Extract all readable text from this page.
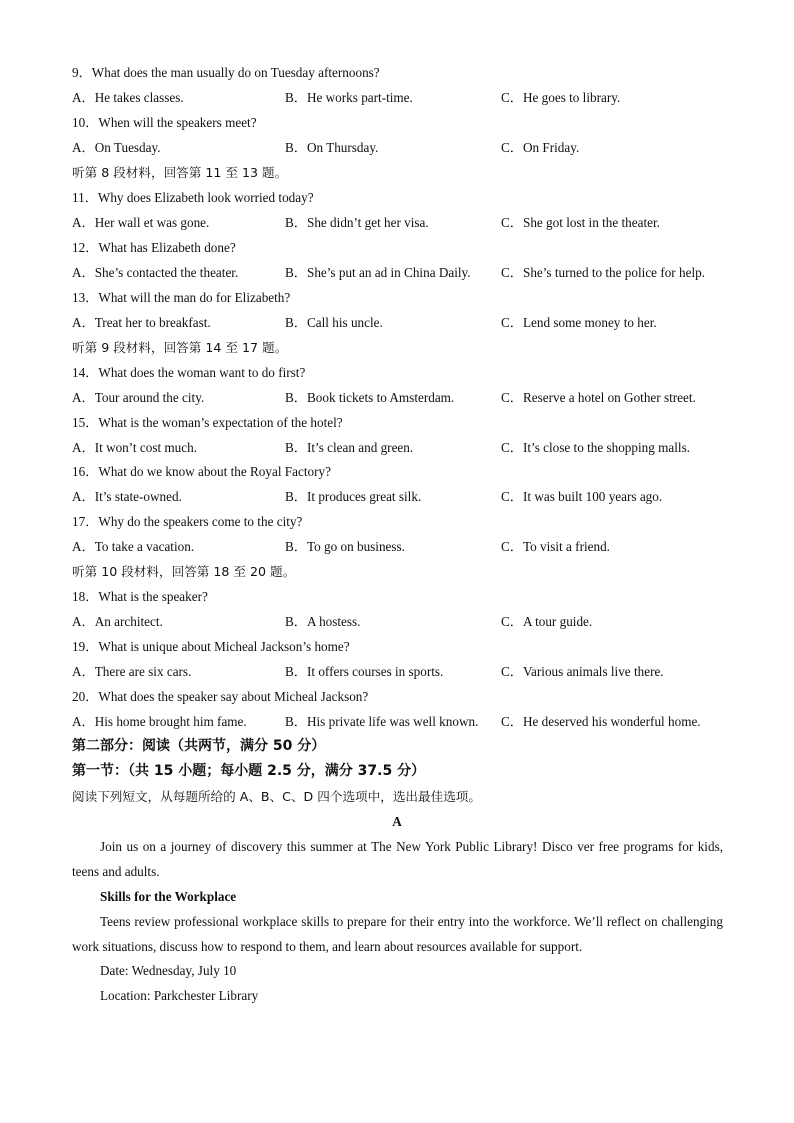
9．What does the man usually do on Tuesday afternoons?
A．He takes classes.	B．He works part-time.	C．He goes to library.
10．When will the speakers meet?
A．On Tuesday.	B．On Thursday.	C．On Friday.
听第 8 段材料，回答第 11 至 13 题。
11．Why does Elizabeth look worried today?
A．Her wall et was gone.	B．She didn’t get her visa.	C．She got lost in the theater.
12．What has Elizabeth done?
A．She’s contacted the theater.	B．She’s put an ad in China Daily. C．She’s turned to the police for help.
13．What will the man do for Elizabeth?
A．Treat her to breakfast.	B．Call his uncle.	C．Lend some money to her.
听第 9 段材料，回答第 14 至 17 题。
14．What does the woman want to do first?
A．Tour around the city.	B．Book tickets to Amsterdam.	C．Reserve a hotel on Gother street.
15．What is the woman’s expectation of the hotel?
A．It won’t cost much.	B．It’s clean and green.	C．It’s close to the shopping malls.
16．What do we know about the Royal Factory?
A．It’s state-owned.	B．It produces great silk.	C．It was built 100 years ago.
17．Why do the speakers come to the city?
A．To take a vacation.	B．To go on business.	C．To visit a friend.
听第 10 段材料，回答第 18 至 20 题。
18．What is the speaker?
A．An architect.	B．A hostess.	C．A tour guide.
19．What is unique about Micheal Jackson’s home?
A．There are six cars.	B．It offers courses in sports.	C．Various animals live there.
20．What does the speaker say about Micheal Jackson?
A．His home brought him fame.	B．His private life was well known. C．He deserved his wonderful home.
第二部分：阅读（共两节，满分 50 分）
第一节：（共 15 小题；每小题 2.5 分，满分 37.5 分）
阅读下列短文，从每题所给的 A、B、C、D 四个选项中，选出最佳选项。
A
Join us on a journey of discovery this summer at The New York Public Library! Disco ver free programs for kids, teens and adults.
Skills for the Workplace
Teens review professional workplace skills to prepare for their entry into the workforce. We’ll reflect on challenging work situations, discuss how to respond to them, and learn about resources available for support.
Date: Wednesday, July 10
Location: Parkchester Library
